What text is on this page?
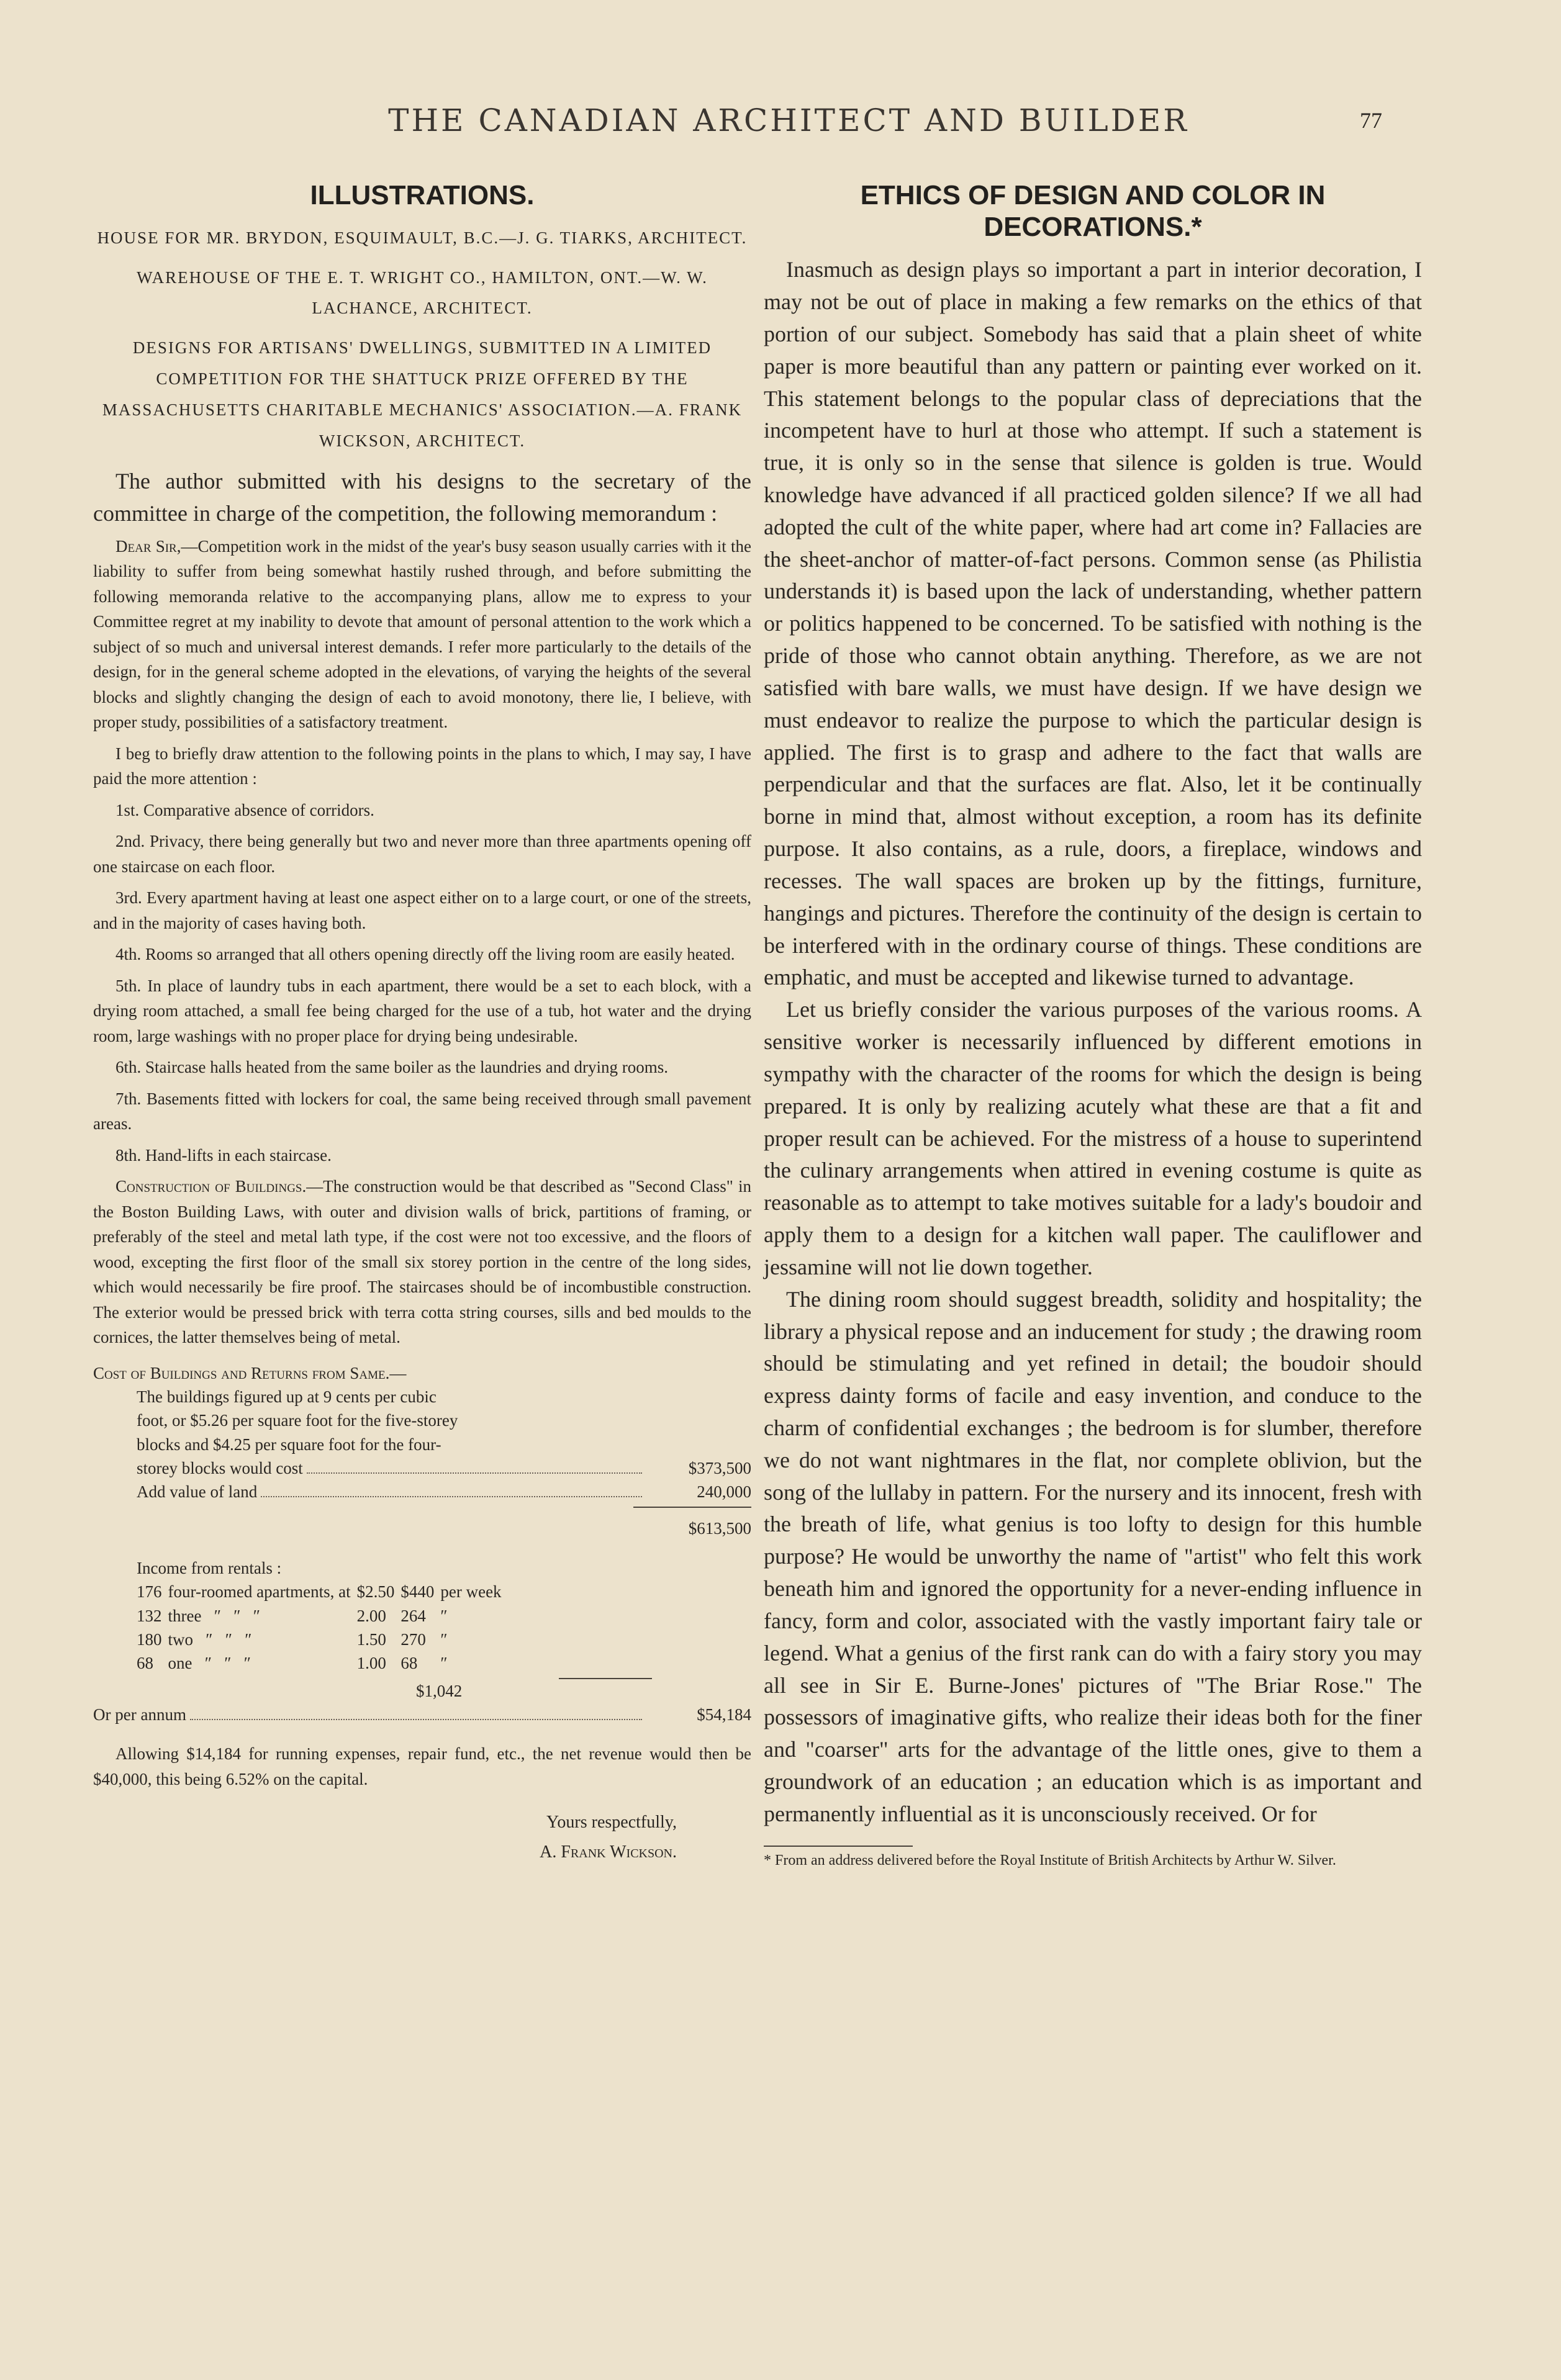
THE CANADIAN ARCHITECT AND BUILDER	77
ILLUSTRATIONS.
HOUSE FOR MR. BRYDON, ESQUIMAULT, B.C.—J. G. TIARKS, ARCHITECT.
WAREHOUSE OF THE E. T. WRIGHT CO., HAMILTON, ONT.—W. W. LACHANCE, ARCHITECT.
DESIGNS FOR ARTISANS' DWELLINGS, SUBMITTED IN A LIMITED COMPETITION FOR THE SHATTUCK PRIZE OFFERED BY THE MASSACHUSETTS CHARITABLE MECHANICS' ASSOCIATION.—A. FRANK WICKSON, ARCHITECT.

The author submitted with his designs to the secretary of the committee in charge of the competition, the following memorandum :

Dear Sir,—Competition work in the midst of the year's busy season usually carries with it the liability to suffer from being somewhat hastily rushed through, and before submitting the following memoranda relative to the accompanying plans, allow me to express to your Committee regret at my inability to devote that amount of personal attention to the work which a subject of so much and universal interest demands. I refer more particularly to the details of the design, for in the general scheme adopted in the elevations, of varying the heights of the several blocks and slightly changing the design of each to avoid monotony, there lie, I believe, with proper study, possibilities of a satisfactory treatment.

I beg to briefly draw attention to the following points in the plans to which, I may say, I have paid the more attention :

1st. Comparative absence of corridors.

2nd. Privacy, there being generally but two and never more than three apartments opening off one staircase on each floor.

3rd. Every apartment having at least one aspect either on to a large court, or one of the streets, and in the majority of cases having both.

4th. Rooms so arranged that all others opening directly off the living room are easily heated.

5th. In place of laundry tubs in each apartment, there would be a set to each block, with a drying room attached, a small fee being charged for the use of a tub, hot water and the drying room, large washings with no proper place for drying being undesirable.

6th. Staircase halls heated from the same boiler as the laundries and drying rooms.

7th. Basements fitted with lockers for coal, the same being received through small pavement areas.

8th. Hand-lifts in each staircase.

Construction of Buildings.—The construction would be that described as "Second Class" in the Boston Building Laws, with outer and division walls of brick, partitions of framing, or preferably of the steel and metal lath type, if the cost were not too excessive, and the floors of wood, excepting the first floor of the small six storey portion in the centre of the long sides, which would necessarily be fire proof. The staircases should be of incombustible construction. The exterior would be pressed brick with terra cotta string courses, sills and bed moulds to the cornices, the latter themselves being of metal.

Cost of Buildings and Returns from Same.—
The buildings figured up at 9 cents per cubic
foot, or $5.26 per square foot for the five-storey
blocks and $4.25 per square foot for the four-
storey blocks would cost	$373,500
Add value of land	240,000
$613,500
Income from rentals :
176	four-roomed apartments, at	$2.50	$440	per week
132	three ″ ″ ″	2.00	264	″
180	two ″ ″ ″	1.50	270	″
68	one ″ ″ ″	1.00	68	″
$1,042
Or per annum	$54,184

Allowing $14,184 for running expenses, repair fund, etc., the net revenue would then be $40,000, this being 6.52% on the capital.

Yours respectfully,
A. Frank Wickson.
ETHICS OF DESIGN AND COLOR IN DECORATIONS.*

Inasmuch as design plays so important a part in interior decoration, I may not be out of place in making a few remarks on the ethics of that portion of our subject. Somebody has said that a plain sheet of white paper is more beautiful than any pattern or painting ever worked on it. This statement belongs to the popular class of depreciations that the incompetent have to hurl at those who attempt. If such a statement is true, it is only so in the sense that silence is golden is true. Would knowledge have advanced if all practiced golden silence? If we all had adopted the cult of the white paper, where had art come in? Fallacies are the sheet-anchor of matter-of-fact persons. Common sense (as Philistia understands it) is based upon the lack of understanding, whether pattern or politics happened to be concerned. To be satisfied with nothing is the pride of those who cannot obtain anything. Therefore, as we are not satisfied with bare walls, we must have design. If we have design we must endeavor to realize the purpose to which the particular design is applied. The first is to grasp and adhere to the fact that walls are perpendicular and that the surfaces are flat. Also, let it be continually borne in mind that, almost without exception, a room has its definite purpose. It also contains, as a rule, doors, a fireplace, windows and recesses. The wall spaces are broken up by the fittings, furniture, hangings and pictures. Therefore the continuity of the design is certain to be interfered with in the ordinary course of things. These conditions are emphatic, and must be accepted and likewise turned to advantage.

Let us briefly consider the various purposes of the various rooms. A sensitive worker is necessarily influenced by different emotions in sympathy with the character of the rooms for which the design is being prepared. It is only by realizing acutely what these are that a fit and proper result can be achieved. For the mistress of a house to superintend the culinary arrangements when attired in evening costume is quite as reasonable as to attempt to take motives suitable for a lady's boudoir and apply them to a design for a kitchen wall paper. The cauliflower and jessamine will not lie down together.

The dining room should suggest breadth, solidity and hospitality; the library a physical repose and an inducement for study ; the drawing room should be stimulating and yet refined in detail; the boudoir should express dainty forms of facile and easy invention, and conduce to the charm of confidential exchanges ; the bedroom is for slumber, therefore we do not want nightmares in the flat, nor complete oblivion, but the song of the lullaby in pattern. For the nursery and its innocent, fresh with the breath of life, what genius is too lofty to design for this humble purpose? He would be unworthy the name of "artist" who felt this work beneath him and ignored the opportunity for a never-ending influence in fancy, form and color, associated with the vastly important fairy tale or legend. What a genius of the first rank can do with a fairy story you may all see in Sir E. Burne-Jones' pictures of "The Briar Rose." The possessors of imaginative gifts, who realize their ideas both for the finer and "coarser" arts for the advantage of the little ones, give to them a groundwork of an education ; an education which is as important and permanently influential as it is unconsciously received. Or for

* From an address delivered before the Royal Institute of British Architects by Arthur W. Silver.
